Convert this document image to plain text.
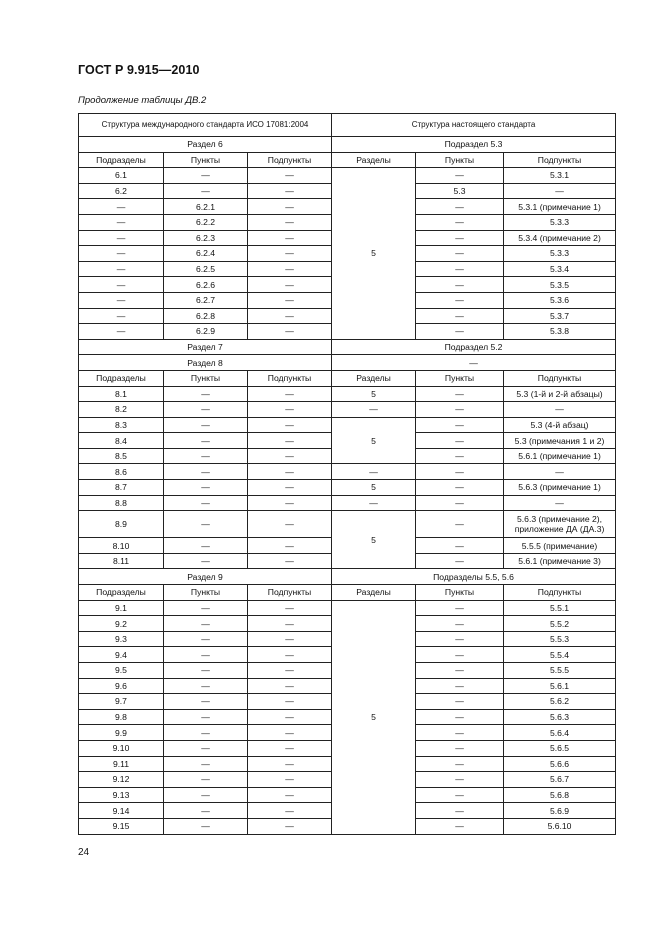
ГОСТ Р 9.915—2010
Продолжение таблицы ДВ.2
Структура международного стандарта ИСО 17081:2004			Структура настоящего стандарта		
Раздел 6			Подраздел 5.3		
Подразделы	Пункты	Подпункты	Разделы	Пункты	Подпункты
6.1	—	—	5	—	5.3.1
6.2	—	—		5.3	—
—	6.2.1	—		—	5.3.1 (примечание 1)
—	6.2.2	—		—	5.3.3
—	6.2.3	—		—	5.3.4 (примечание 2)
—	6.2.4	—		—	5.3.3
—	6.2.5	—		—	5.3.4
—	6.2.6	—		—	5.3.5
—	6.2.7	—		—	5.3.6
—	6.2.8	—		—	5.3.7
—	6.2.9	—		—	5.3.8
Раздел 7			Подраздел 5.2		
Раздел 8			—		
Подразделы	Пункты	Подпункты	Разделы	Пункты	Подпункты
8.1	—	—	5	—	5.3 (1-й и 2-й абзацы)
8.2	—	—	—	—	—
8.3	—	—	5	—	5.3 (4-й абзац)
8.4	—	—		—	5.3 (примечания 1 и 2)
8.5	—	—		—	5.6.1 (примечание 1)
8.6	—	—	—	—	—
8.7	—	—	5	—	5.6.3 (примечание 1)
8.8	—	—	—	—	—
8.9	—	—	5	—	5.6.3 (примечание 2), приложение ДА (ДА.3)
8.10	—	—		—	5.5.5 (примечание)
8.11	—	—		—	5.6.1 (примечание 3)
Раздел 9			Подразделы 5.5, 5.6		
Подразделы	Пункты	Подпункты	Разделы	Пункты	Подпункты
9.1	—	—	5	—	5.5.1
9.2	—	—		—	5.5.2
9.3	—	—		—	5.5.3
9.4	—	—		—	5.5.4
9.5	—	—		—	5.5.5
9.6	—	—		—	5.6.1
9.7	—	—		—	5.6.2
9.8	—	—		—	5.6.3
9.9	—	—		—	5.6.4
9.10	—	—		—	5.6.5
9.11	—	—		—	5.6.6
9.12	—	—		—	5.6.7
9.13	—	—		—	5.6.8
9.14	—	—		—	5.6.9
9.15	—	—		—	5.6.10
24
